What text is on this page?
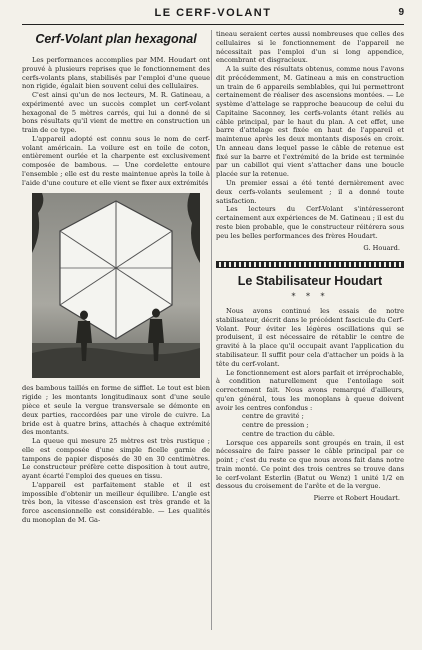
LE CERF-VOLANT	9
Cerf-Volant plan hexagonal

Les performances accomplies par MM. Houdart ont prouvé à plusieurs reprises que le fonctionnement des cerfs-volants plans, stabilisés par l'emploi d'une queue non rigide, égalait bien souvent celui des cellulaires.

C'est ainsi qu'un de nos lecteurs, M. R. Gatineau, a expérimenté avec un succès complet un cerf-volant hexagonal de 5 mètres carrés, qui lui a donné de si bons résultats qu'il vient de mettre en construction un train de ce type.

L'appareil adopté est connu sous le nom de cerf-volant américain. La voilure est en toile de coton, entièrement ourlée et la charpente est exclusivement composée de bambous. — Une cordelette entoure l'ensemble ; elle est du reste maintenue après la toile à l'aide d'une couture et elle vient se fixer aux extrémités

des bambous taillés en forme de sifflet. Le tout est bien rigide ; les montants longitudinaux sont d'une seule pièce et seule la vergue transversale se démonte en deux parties, raccordées par une virole de cuivre. La bride est à quatre brins, attachés à chaque extrémité des montants.

La queue qui mesure 25 mètres est très rustique ; elle est composée d'une simple ficelle garnie de tampons de papier disposés de 30 en 30 centimètres. Le constructeur préfère cette disposition à tout autre, ayant écarté l'emploi des queues en tissu.

L'appareil est parfaitement stable et il est impossible d'obtenir un meilleur équilibre. L'angle est très bon, la vitesse d'ascension est très grande et la force ascensionnelle est considérable. — Les qualités du monoplan de M. Ga-

tineau seraient certes aussi nombreuses que celles des cellulaires si le fonctionnement de l'appareil ne nécessitait pas l'emploi d'un si long appendice, encombrant et disgracieux.

A la suite des résultats obtenus, comme nous l'avons dit précédemment, M. Gatineau a mis en construction un train de 6 appareils semblables, qui lui permettront certainement de réaliser des ascensions montées. — Le système d'attelage se rapproche beaucoup de celui du Capitaine Saconney, les cerfs-volants étant reliés au câble principal, par le haut du plan. A cet effet, une barre d'attelage est fixée en haut de l'appareil et maintenue après les deux montants disposés en croix. Un anneau dans lequel passe le câble de retenue est fixé sur la barre et l'extrémité de la bride est terminée par un cabillot qui vient s'attacher dans une boucle placée sur la retenue.

Un premier essai a été tenté dernièrement avec deux cerfs-volants seulement ; il a donné toute satisfaction.

Les lecteurs du Cerf-Volant s'intéresseront certainement aux expériences de M. Gatineau ; il est du reste bien probable, que le constructeur réitérera sous peu les belles performances des frères Houdart.

G. Houard.

Le Stabilisateur Houdart
* * *

Nous avons continué les essais de notre stabilisateur, décrit dans le précédent fascicule du Cerf-Volant. Pour éviter les légères oscillations qui se produisent, il est nécessaire de rétablir le centre de gravité à la place qu'il occupait avant l'application du stabilisateur. Il suffit pour cela d'attacher un poids à la tête du cerf-volant.

Le fonctionnement est alors parfait et irréprochable, à condition naturellement que l'entoilage soit correctement fait. Nous avons remarqué d'ailleurs, qu'en général, tous les monoplans à queue doivent avoir les centres confondus :

centre de gravité ;

centre de pression ;

centre de traction du câble.

Lorsque ces appareils sont groupés en train, il est nécessaire de faire passer le câble principal par ce point ; c'est du reste ce que nous avons fait dans notre train monté. Ce point des trois centres se trouve dans le cerf-volant Esterlin (Batut ou Wenz) 1 unité 1/2 en dessous du croisement de l'arête et de la vergue.

Pierre et Robert Houdart.
